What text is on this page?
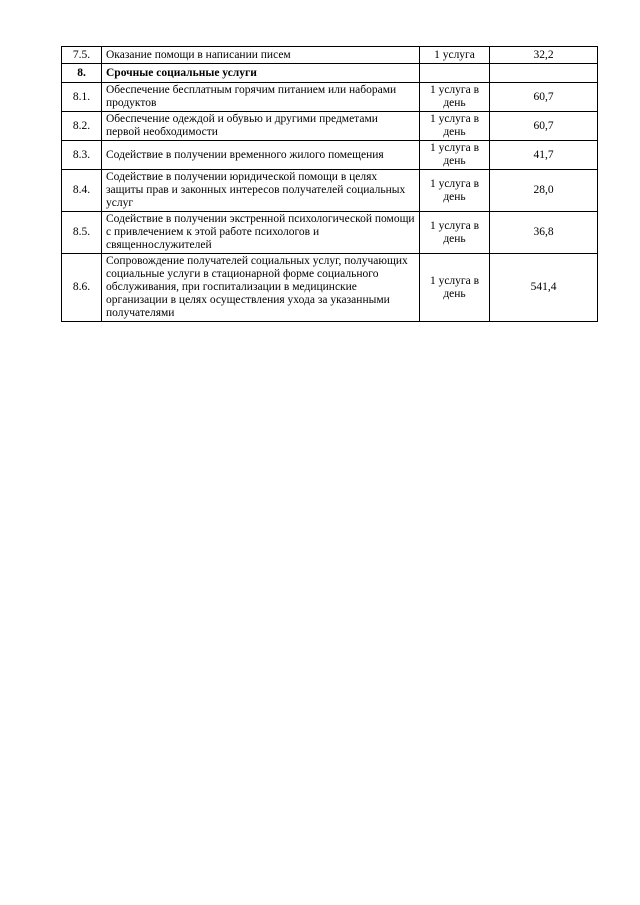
7.5.	Оказание помощи в написании писем	1 услуга	32,2
8.	Срочные социальные услуги		
8.1.	Обеспечение бесплатным горячим питанием или наборами продуктов	1 услуга в день	60,7
8.2.	Обеспечение одеждой и обувью и другими предметами первой необходимости	1 услуга в день	60,7
8.3.	Содействие в получении временного жилого помещения	1 услуга в день	41,7
8.4.	Содействие в получении юридической помощи в целях защиты прав и законных интересов получателей социальных услуг	1 услуга в день	28,0
8.5.	Содействие в получении экстренной психологической помощи с привлечением к этой работе психологов и священнослужителей	1 услуга в день	36,8
8.6.	Сопровождение получателей социальных услуг, получающих социальные услуги в стационарной форме социального обслуживания, при госпитализации в медицинские организации в целях осуществления ухода за указанными получателями	1 услуга в день	541,4
